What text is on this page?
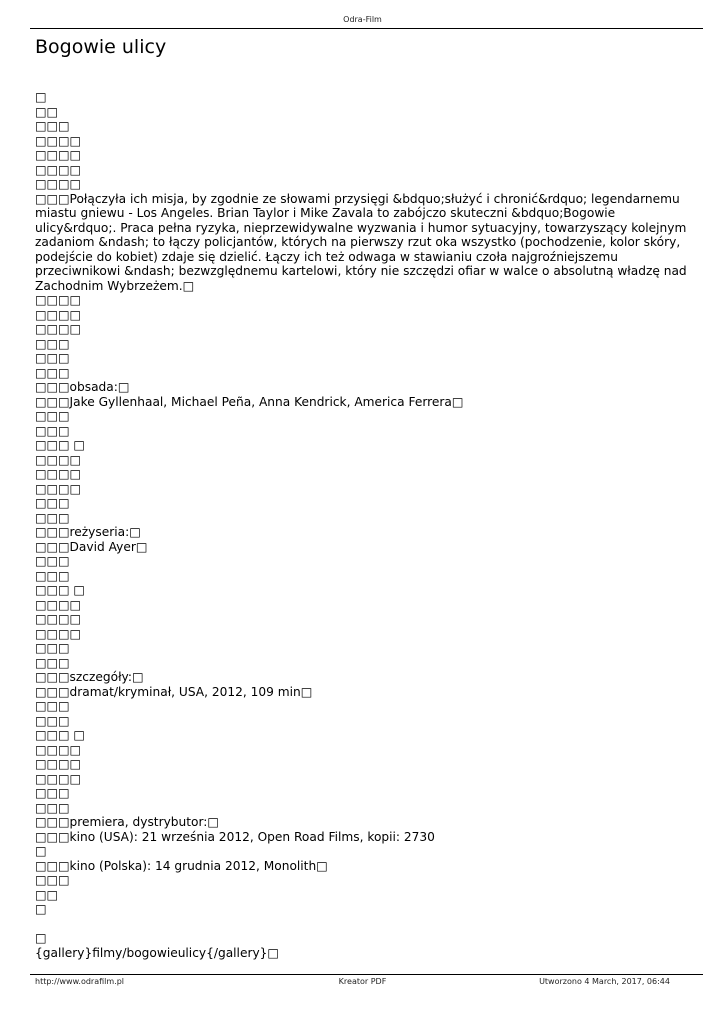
Odra-Film
Bogowie ulicy
□
□□
□□□
□□□□
□□□□
□□□□
□□□□
□□□Połączyła ich misja, by zgodnie ze słowami przysięgi &bdquo;służyć i chronić&rdquo; legendarnemu miastu gniewu - Los Angeles. Brian Taylor i Mike Zavala to zabójczo skuteczni &bdquo;Bogowie ulicy&rdquo;. Praca pełna ryzyka, nieprzewidywalne wyzwania i humor sytuacyjny, towarzyszący kolejnym zadaniom &ndash; to łączy policjantów, których na pierwszy rzut oka wszystko (pochodzenie, kolor skóry, podejście do kobiet) zdaje się dzielić. Łączy ich też odwaga w stawianiu czoła najgroźniejszemu przeciwnikowi &ndash; bezwzględnemu kartelowi, który nie szczędzi ofiar w walce o absolutną władzę nad Zachodnim Wybrzeżem.□
□□□□
□□□□
□□□□
□□□
□□□
□□□
□□□obsada:□
□□□Jake Gyllenhaal, Michael Peña, Anna Kendrick, America Ferrera□
□□□
□□□
□□□ □
□□□□
□□□□
□□□□
□□□
□□□
□□□reżyseria:□
□□□David Ayer□
□□□
□□□
□□□ □
□□□□
□□□□
□□□□
□□□
□□□
□□□szczegóły:□
□□□dramat/kryminał, USA, 2012, 109 min□
□□□
□□□
□□□ □
□□□□
□□□□
□□□□
□□□
□□□
□□□premiera, dystrybutor:□
□□□kino (USA): 21 września 2012, Open Road Films, kopii: 2730
□
□□□kino (Polska): 14 grudnia 2012, Monolith□
□□□
□□
□

□
{gallery}filmy/bogowieulicy{/gallery}□
http://www.odrafilm.pl	Kreator PDF	Utworzono 4 March, 2017, 06:44
